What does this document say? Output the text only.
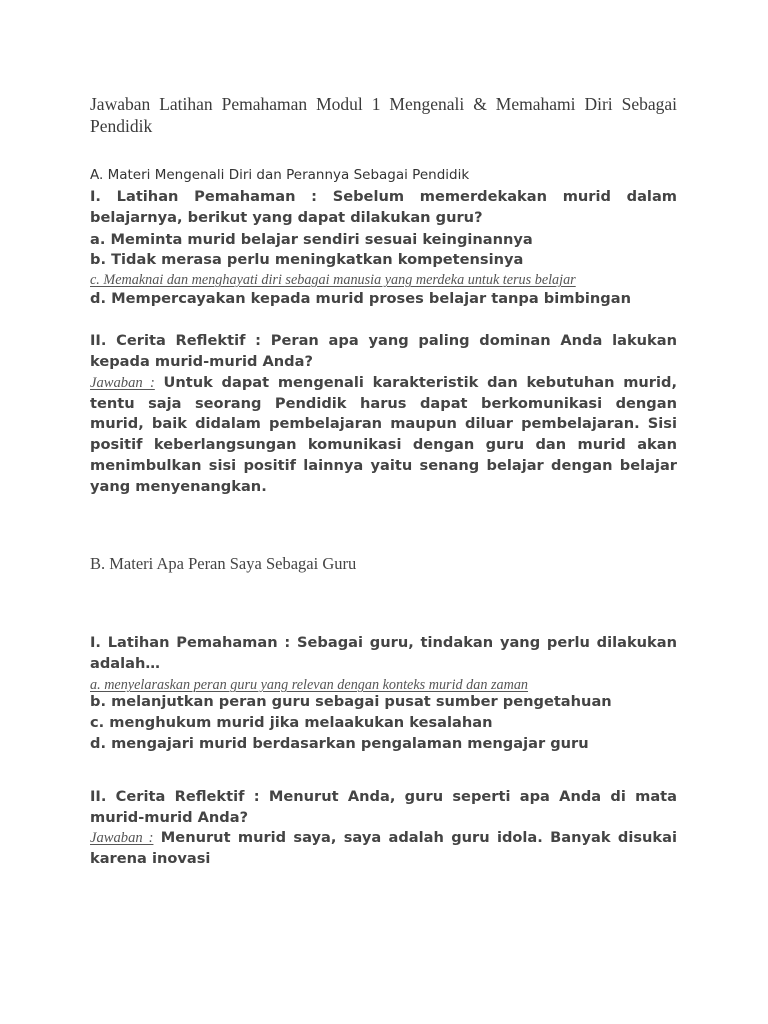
Jawaban Latihan Pemahaman Modul 1 Mengenali & Memahami Diri Sebagai Pendidik
A. Materi Mengenali Diri dan Perannya Sebagai Pendidik
I. Latihan Pemahaman : Sebelum memerdekakan murid dalam belajarnya, berikut yang dapat dilakukan guru?
a. Meminta murid belajar sendiri sesuai keinginannya
b. Tidak merasa perlu meningkatkan kompetensinya
c. Memaknai dan menghayati diri sebagai manusia yang merdeka untuk terus belajar
d. Mempercayakan kepada murid proses belajar tanpa bimbingan
II. Cerita Reflektif : Peran apa yang paling dominan Anda lakukan kepada murid-murid Anda?
Jawaban : Untuk dapat mengenali karakteristik dan kebutuhan murid, tentu saja seorang Pendidik harus dapat berkomunikasi dengan murid, baik didalam pembelajaran maupun diluar pembelajaran. Sisi positif keberlangsungan komunikasi dengan guru dan murid akan menimbulkan sisi positif lainnya yaitu senang belajar dengan belajar yang menyenangkan.
B. Materi Apa Peran Saya Sebagai Guru
I. Latihan Pemahaman : Sebagai guru, tindakan yang perlu dilakukan adalah…
a. menyelaraskan peran guru yang relevan dengan konteks murid dan zaman
b. melanjutkan peran guru sebagai pusat sumber pengetahuan
c. menghukum murid jika melaakukan kesalahan
d. mengajari murid berdasarkan pengalaman mengajar guru
II. Cerita Reflektif : Menurut Anda, guru seperti apa Anda di mata murid-murid Anda?
Jawaban : Menurut murid saya, saya adalah guru idola. Banyak disukai karena inovasi
